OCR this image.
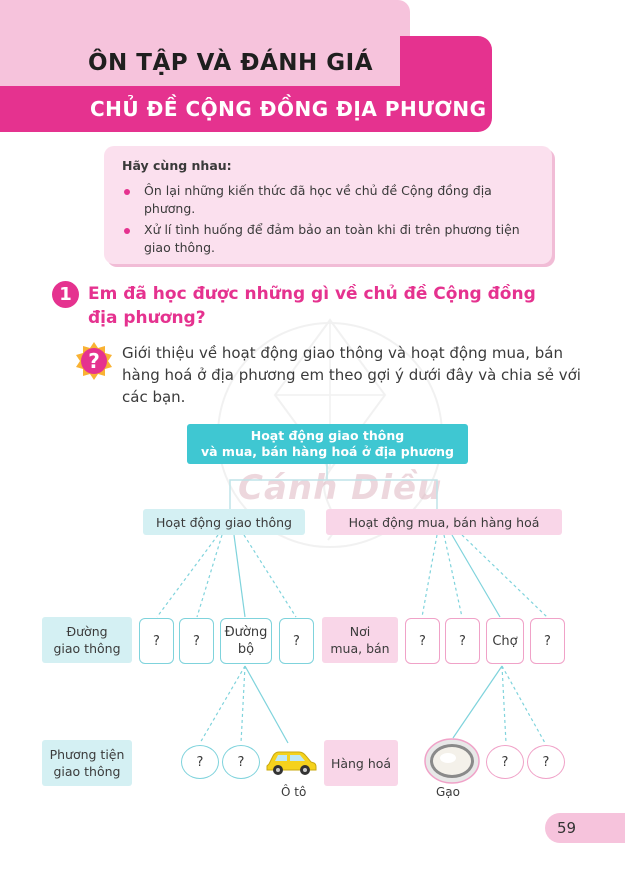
ÔN TẬP VÀ ĐÁNH GIÁ
CHỦ ĐỀ CỘNG ĐỒNG ĐỊA PHƯƠNG
Hãy cùng nhau:
Ôn lại những kiến thức đã học về chủ đề Cộng đồng địa phương.
Xử lí tình huống để đảm bảo an toàn khi đi trên phương tiện giao thông.
Cánh Diều
1 Em đã học được những gì về chủ đề Cộng đồng địa phương?
? Giới thiệu về hoạt động giao thông và hoạt động mua, bán hàng hoá ở địa phương em theo gợi ý dưới đây và chia sẻ với các bạn.
Hoạt động giao thông
và mua, bán hàng hoá ở địa phương
Hoạt động giao thông	Hoạt động mua, bán hàng hoá
Đường
giao thông	?	?
Đường
bộ
?
Nơi
mua, bán	?	?	Chợ	?
Phương tiện
giao thông
?	?
Ô tô
Hàng hoá
Gạo
?	?
59
